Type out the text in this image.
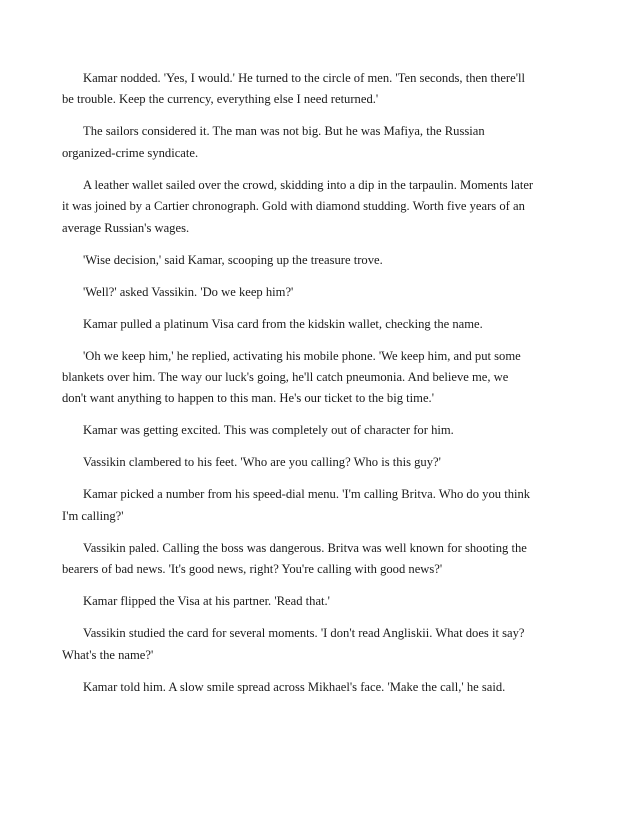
Kamar nodded. 'Yes, I would.' He turned to the circle of men. 'Ten seconds, then there'll be trouble. Keep the currency, everything else I need returned.'

The sailors considered it. The man was not big. But he was Mafiya, the Russian organized-crime syndicate.

A leather wallet sailed over the crowd, skidding into a dip in the tarpaulin. Moments later it was joined by a Cartier chronograph. Gold with diamond studding. Worth five years of an average Russian's wages.

'Wise decision,' said Kamar, scooping up the treasure trove.

'Well?' asked Vassikin. 'Do we keep him?'

Kamar pulled a platinum Visa card from the kidskin wallet, checking the name.

'Oh we keep him,' he replied, activating his mobile phone. 'We keep him, and put some blankets over him. The way our luck's going, he'll catch pneumonia. And believe me, we don't want anything to happen to this man. He's our ticket to the big time.'

Kamar was getting excited. This was completely out of character for him.

Vassikin clambered to his feet. 'Who are you calling? Who is this guy?'

Kamar picked a number from his speed-dial menu. 'I'm calling Britva. Who do you think I'm calling?'

Vassikin paled. Calling the boss was dangerous. Britva was well known for shooting the bearers of bad news. 'It's good news, right? You're calling with good news?'

Kamar flipped the Visa at his partner. 'Read that.'

Vassikin studied the card for several moments. 'I don't read Angliskii. What does it say? What's the name?'

Kamar told him. A slow smile spread across Mikhael's face. 'Make the call,' he said.
